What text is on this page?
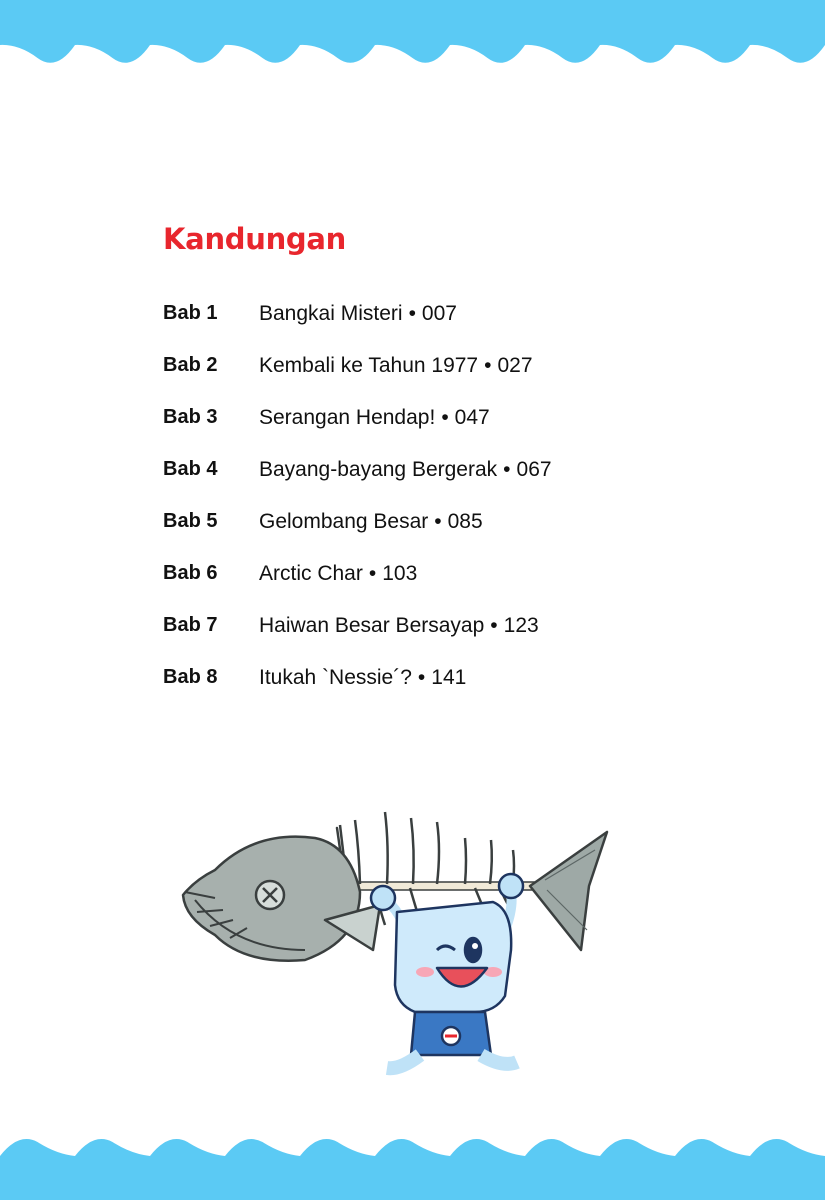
Kandungan
Bab 1 Bangkai Misteri • 007
Bab 2 Kembali ke Tahun 1977 • 027
Bab 3 Serangan Hendap! • 047
Bab 4 Bayang-bayang Bergerak • 067
Bab 5 Gelombang Besar • 085
Bab 6 Arctic Char • 103
Bab 7 Haiwan Besar Bersayap • 123
Bab 8 Itukah `Nessie´? • 141
